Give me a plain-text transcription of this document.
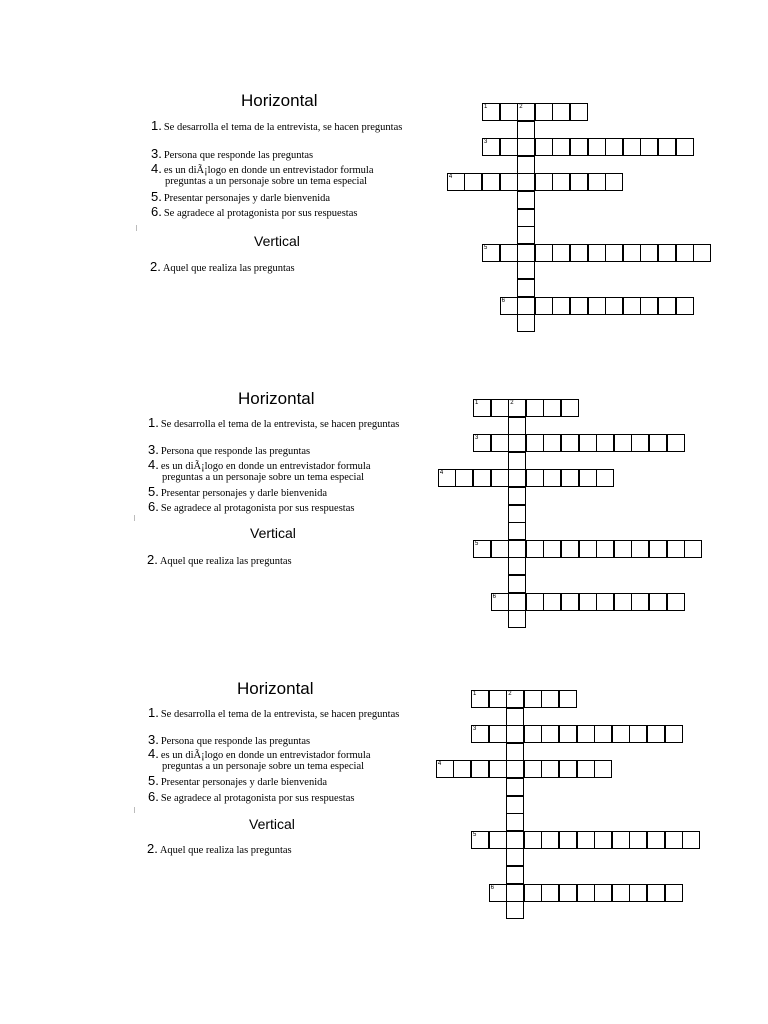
Horizontal
1. Se desarrolla el tema de la entrevista, se hacen preguntas
3. Persona que responde las preguntas
4. es un diÃ¡logo en donde un entrevistador formula
preguntas a un personaje sobre un tema especial
5. Presentar personajes y darle bienvenida
6. Se agradece al protagonista por sus respuestas
Vertical
2. Aquel que realiza las preguntas
1	2
3
4
5
6
Horizontal
1. Se desarrolla el tema de la entrevista, se hacen preguntas
3. Persona que responde las preguntas
4. es un diÃ¡logo en donde un entrevistador formula
preguntas a un personaje sobre un tema especial
5. Presentar personajes y darle bienvenida
6. Se agradece al protagonista por sus respuestas
Vertical
2. Aquel que realiza las preguntas
1	2
3
4
5
6
Horizontal
1. Se desarrolla el tema de la entrevista, se hacen preguntas
3. Persona que responde las preguntas
4. es un diÃ¡logo en donde un entrevistador formula
preguntas a un personaje sobre un tema especial
5. Presentar personajes y darle bienvenida
6. Se agradece al protagonista por sus respuestas
Vertical
2. Aquel que realiza las preguntas
1	2
3
4
5
6
